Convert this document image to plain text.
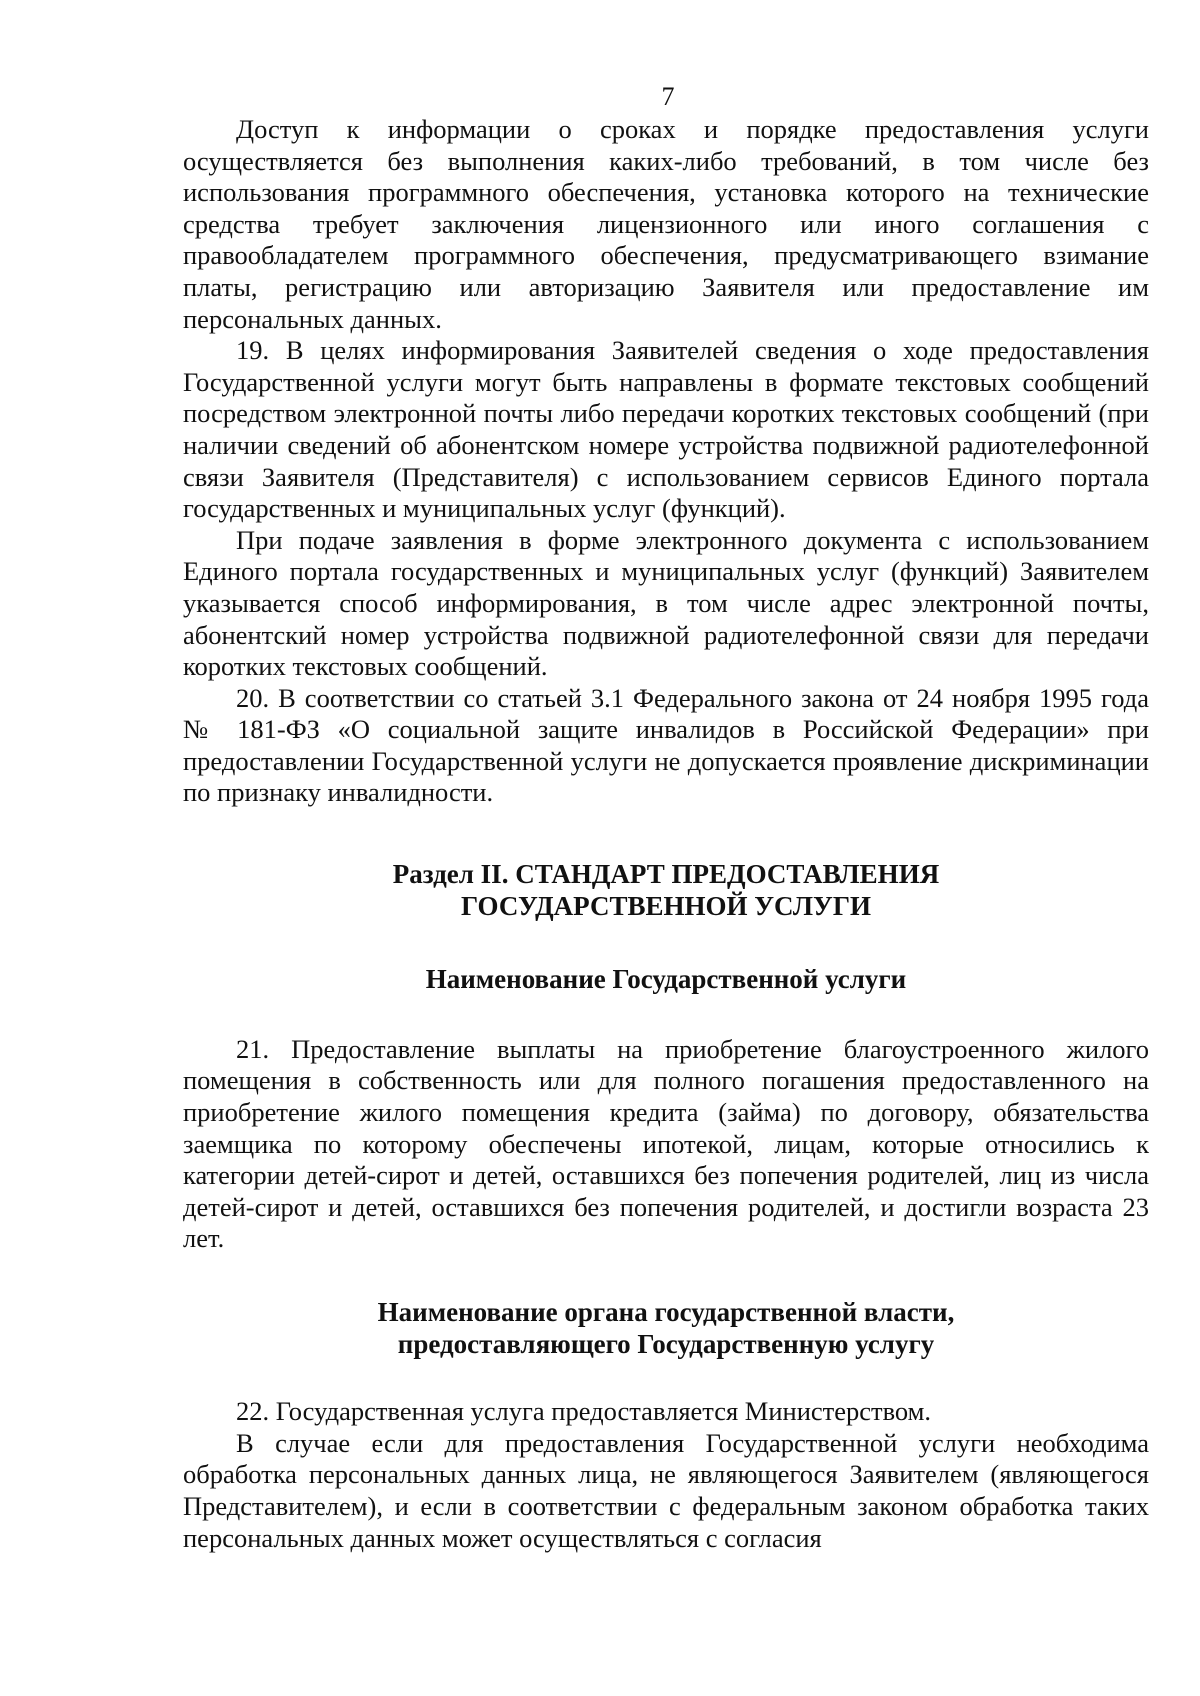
7

Доступ к информации о сроках и порядке предоставления услуги осуществляется без выполнения каких-либо требований, в том числе без использования программного обеспечения, установка которого на технические средства требует заключения лицензионного или иного соглашения с правообладателем программного обеспечения, предусматривающего взимание платы, регистрацию или авторизацию Заявителя или предоставление им персональных данных.

19. В целях информирования Заявителей сведения о ходе предоставления Государственной услуги могут быть направлены в формате текстовых сообщений посредством электронной почты либо передачи коротких текстовых сообщений (при наличии сведений об абонентском номере устройства подвижной радиотелефонной связи Заявителя (Представителя) с использованием сервисов Единого портала государственных и муниципальных услуг (функций).

При подаче заявления в форме электронного документа с использованием Единого портала государственных и муниципальных услуг (функций) Заявителем указывается способ информирования, в том числе адрес электронной почты, абонентский номер устройства подвижной радиотелефонной связи для передачи коротких текстовых сообщений.

20. В соответствии со статьей 3.1 Федерального закона от 24 ноября 1995 года № 181-ФЗ «О социальной защите инвалидов в Российской Федерации» при предоставлении Государственной услуги не допускается проявление дискриминации по признаку инвалидности.

Раздел II. СТАНДАРТ ПРЕДОСТАВЛЕНИЯ
ГОСУДАРСТВЕННОЙ УСЛУГИ
Наименование Государственной услуги

21. Предоставление выплаты на приобретение благоустроенного жилого помещения в собственность или для полного погашения предоставленного на приобретение жилого помещения кредита (займа) по договору, обязательства заемщика по которому обеспечены ипотекой, лицам, которые относились к категории детей-сирот и детей, оставшихся без попечения родителей, лиц из числа детей-сирот и детей, оставшихся без попечения родителей, и достигли возраста 23 лет.

Наименование органа государственной власти,
предоставляющего Государственную услугу

22. Государственная услуга предоставляется Министерством.

В случае если для предоставления Государственной услуги необходима обработка персональных данных лица, не являющегося Заявителем (являющегося Представителем), и если в соответствии с федеральным законом обработка таких персональных данных может осуществляться с согласия
